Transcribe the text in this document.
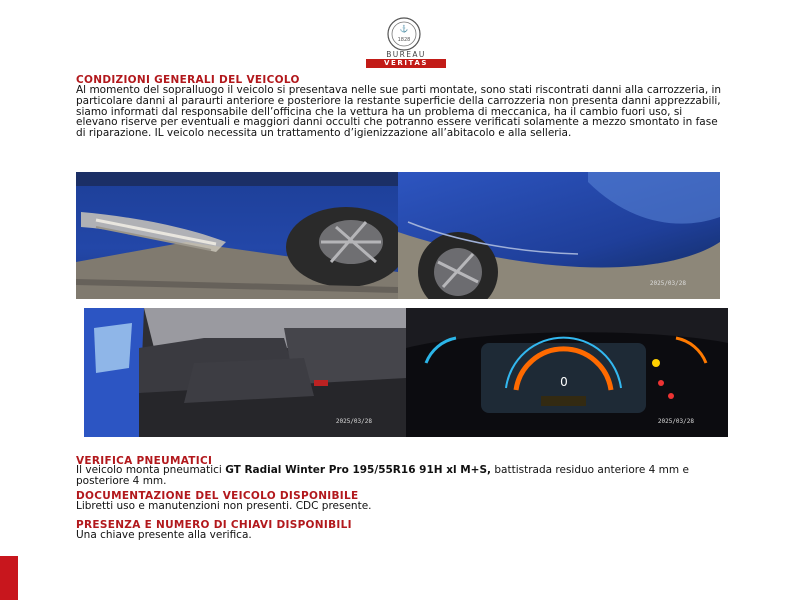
⚓
1828
BUREAU
VERITAS
CONDIZIONI GENERALI DEL VEICOLO
Al momento del sopralluogo il veicolo si presentava nelle sue parti montate, sono stati riscontrati danni alla carrozzeria, in particolare danni al paraurti anteriore e posteriore la restante superficie della carrozzeria non presenta danni apprezzabili, siamo informati dal responsabile dell’officina che la vettura ha un problema di meccanica, ha il cambio fuori uso, si elevano riserve per eventuali e maggiori danni occulti che potranno essere verificati solamente a mezzo smontato in fase di riparazione. IL veicolo necessita un trattamento d’igienizzazione all’abitacolo e alla selleria.
2025/03/28
2025/03/28
0
2025/03/28
VERIFICA PNEUMATICI
Il veicolo monta pneumatici GT Radial Winter Pro 195/55R16 91H xl M+S, battistrada residuo anteriore 4 mm e posteriore 4 mm.
DOCUMENTAZIONE DEL VEICOLO DISPONIBILE
Libretti uso e manutenzioni non presenti. CDC presente.
PRESENZA E NUMERO DI CHIAVI DISPONIBILI
Una chiave presente alla verifica.
